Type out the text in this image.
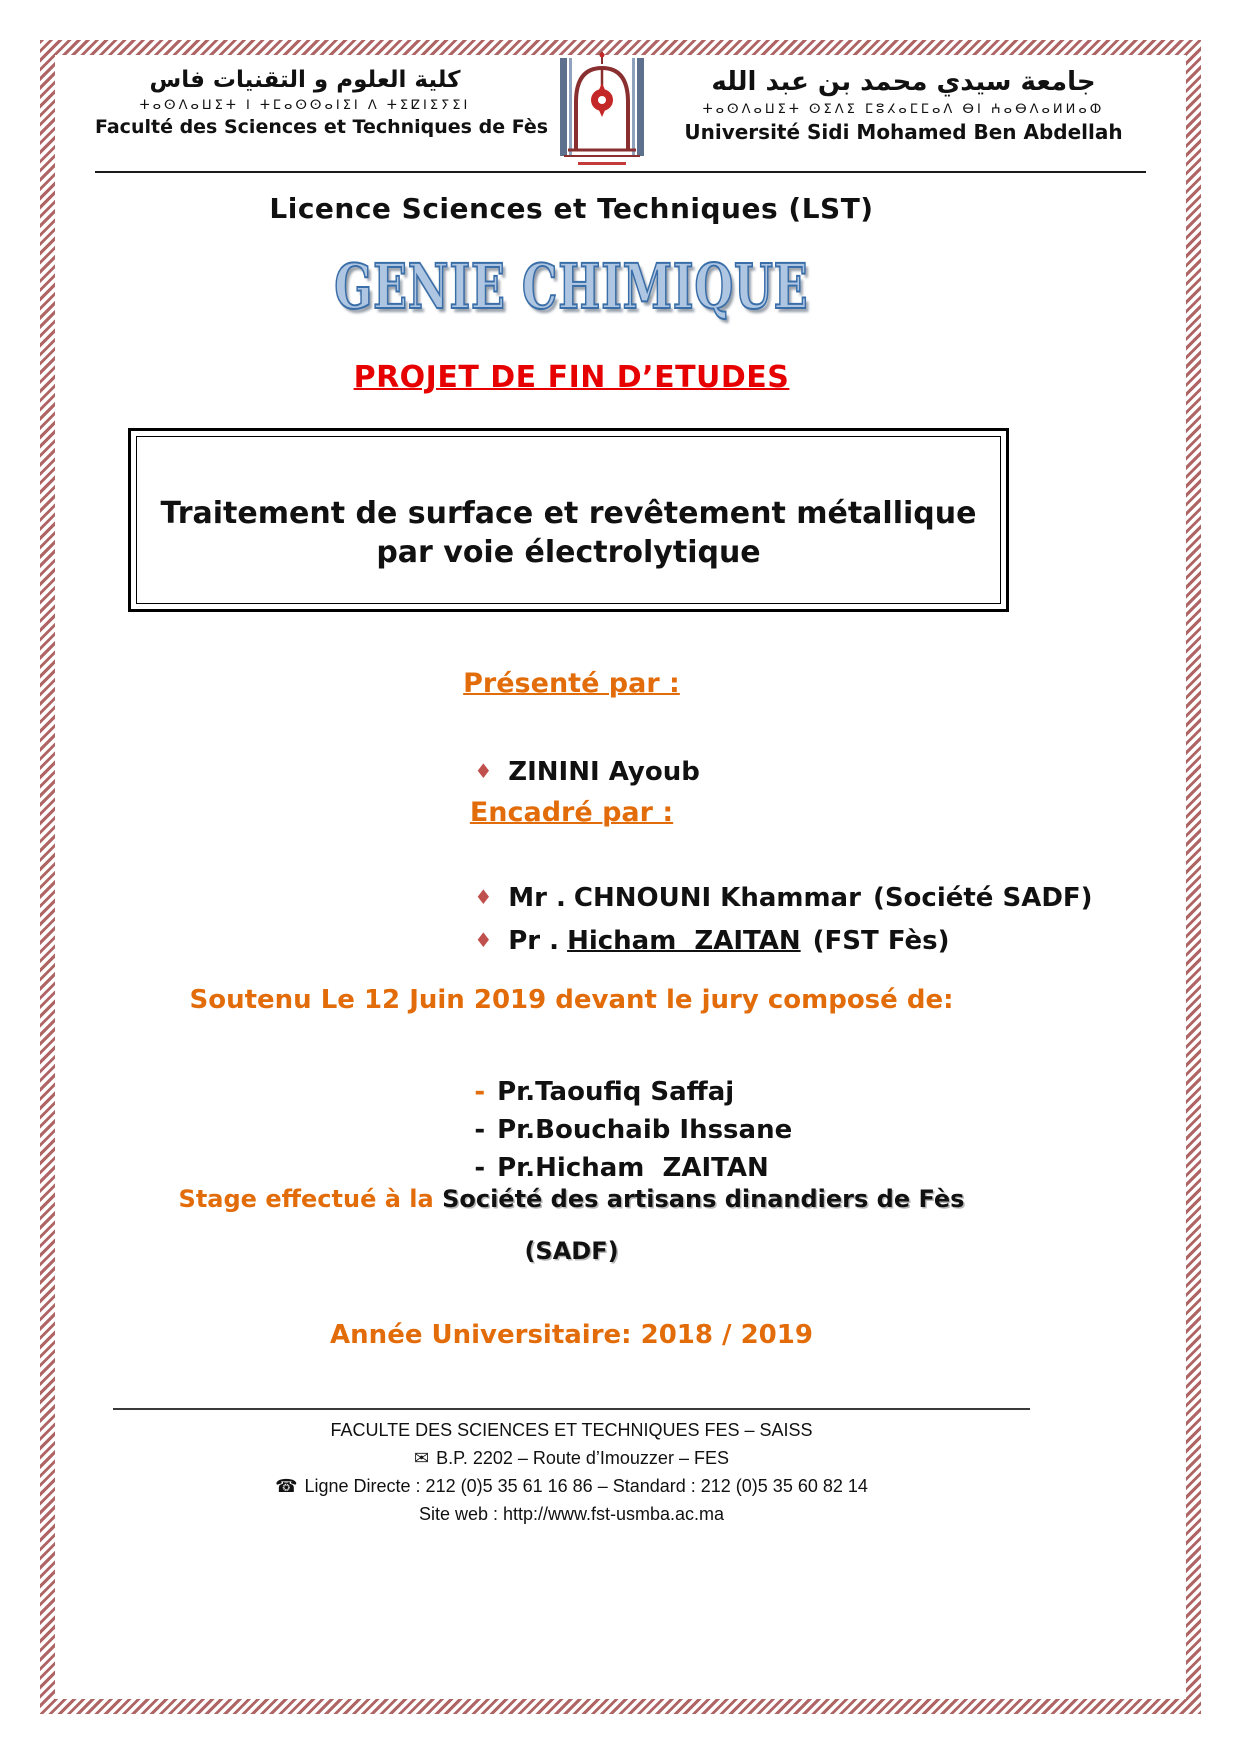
كلية العلوم و التقنيات فاس
ⵜⴰⵙⴷⴰⵡⵉⵜ ⵏ ⵜⵎⴰⵙⵙⴰⵏⵉⵏ ⴷ ⵜⵉⵇⵏⵉⵢⵉⵏ
Faculté des Sciences et Techniques de Fès
جامعة سيدي محمد بن عبد الله
ⵜⴰⵙⴷⴰⵡⵉⵜ ⵙⵉⴷⵉ ⵎⵓⵃⴰⵎⵎⴰⴷ ⴱⵏ ⵄⴰⴱⴷⴰⵍⵍⴰⵀ
Université Sidi Mohamed Ben Abdellah
Licence Sciences et Techniques (LST)
GENIE CHIMIQUE
PROJET DE FIN D’ETUDES
Traitement de surface et revêtement métallique
par voie électrolytique
Présenté par :

♦ ZININI Ayoub

Encadré par :

♦ Mr . CHNOUNI Khammar (Société SADF)

♦ Pr . Hicham  ZAITAN (FST Fès)

Soutenu Le 12 Juin 2019 devant le jury composé de:

- Pr.Taoufiq Saffaj

- Pr.Bouchaib Ihssane

- Pr.Hicham  ZAITAN

Stage effectué à la Société des artisans dinandiers de Fès
(SADF)
Année Universitaire: 2018 / 2019
FACULTE DES SCIENCES ET TECHNIQUES FES – SAISS
✉ B.P. 2202 – Route d’Imouzzer – FES
☎ Ligne Directe : 212 (0)5 35 61 16 86 – Standard : 212 (0)5 35 60 82 14
Site web : http://www.fst-usmba.ac.ma
